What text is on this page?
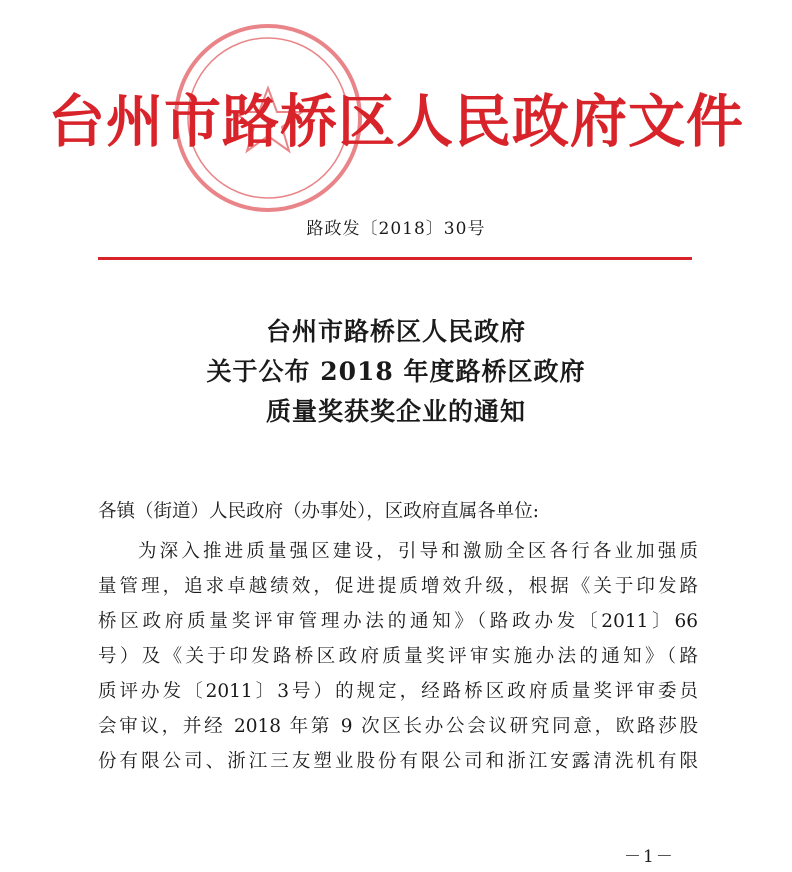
台州市路桥区人民政府文件
路政发〔2018〕30号
台州市路桥区人民政府
关于公布 2018 年度路桥区政府
质量奖获奖企业的通知
各镇（街道）人民政府（办事处），区政府直属各单位:
为深入推进质量强区建设，引导和激励全区各行各业加强质
量管理，追求卓越绩效，促进提质增效升级，根据《关于印发路
桥区政府质量奖评审管理办法的通知》（路政办发〔2011〕66
号）及《关于印发路桥区政府质量奖评审实施办法的通知》（路
质评办发〔2011〕3号）的规定，经路桥区政府质量奖评审委员
会审议，并经 2018 年第 9 次区长办公会议研究同意，欧路莎股
份有限公司、浙江三友塑业股份有限公司和浙江安露清洗机有限
－1－
